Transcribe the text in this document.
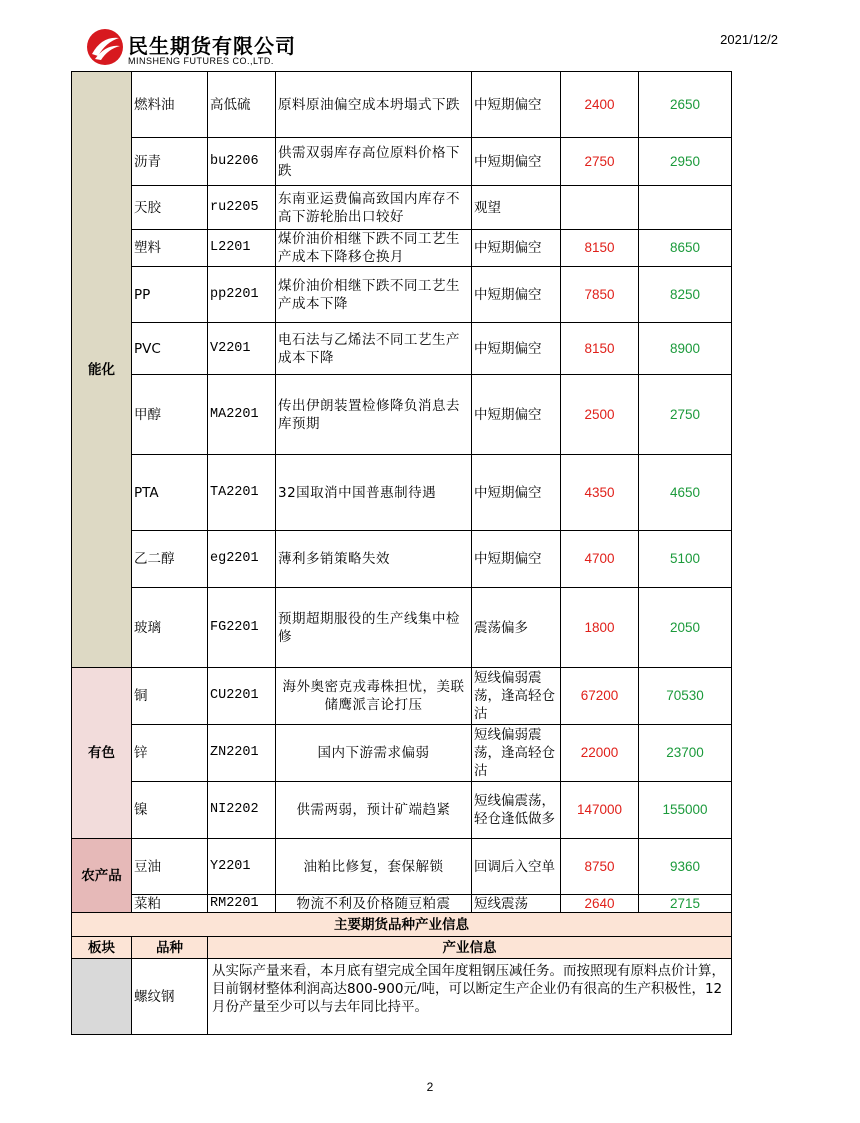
民生期货有限公司
MINSHENG FUTURES CO.,LTD.
2021/12/2
能化	燃料油	高低硫	原料原油偏空成本坍塌式下跌	中短期偏空	2400	2650
	沥青	bu2206	供需双弱库存高位原料价格下跌	中短期偏空	2750	2950
	天胶	ru2205	东南亚运费偏高致国内库存不高下游轮胎出口较好	观望		
	塑料	L2201	煤价油价相继下跌不同工艺生产成本下降移仓换月	中短期偏空	8150	8650
	PP	pp2201	煤价油价相继下跌不同工艺生产成本下降	中短期偏空	7850	8250
	PVC	V2201	电石法与乙烯法不同工艺生产成本下降	中短期偏空	8150	8900
	甲醇	MA2201	传出伊朗装置检修降负消息去库预期	中短期偏空	2500	2750
	PTA	TA2201	32国取消中国普惠制待遇	中短期偏空	4350	4650
	乙二醇	eg2201	薄利多销策略失效	中短期偏空	4700	5100
	玻璃	FG2201	预期超期服役的生产线集中检修	震荡偏多	1800	2050
有色	铜	CU2201	海外奥密克戎毒株担忧，美联储鹰派言论打压	短线偏弱震荡，逢高轻仓沽	67200	70530
	锌	ZN2201	国内下游需求偏弱	短线偏弱震荡，逢高轻仓沽	22000	23700
	镍	NI2202	供需两弱，预计矿端趋紧	短线偏震荡，轻仓逢低做多	147000	155000
农产品	豆油	Y2201	油粕比修复，套保解锁	回调后入空单	8750	9360
	菜粕	RM2201	物流不利及价格随豆粕震	短线震荡	2640	2715
主要期货品种产业信息						
板块	品种	产业信息				
	螺纹钢	从实际产量来看，本月底有望完成全国年度粗钢压减任务。而按照现有原料点价计算，目前钢材整体利润高达800-900元/吨，可以断定生产企业仍有很高的生产积极性，12月份产量至少可以与去年同比持平。				
2
